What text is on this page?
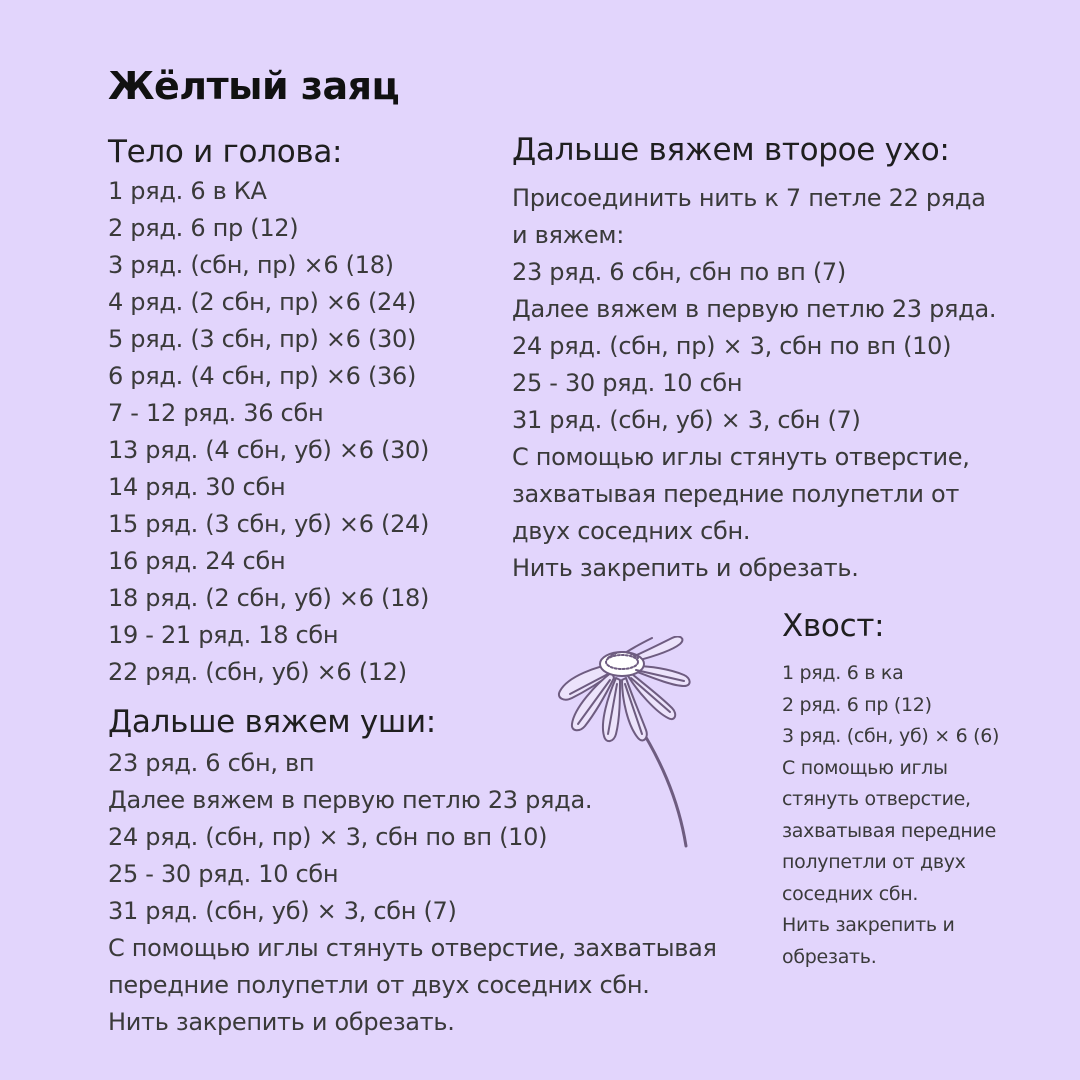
Жёлтый заяц
Тело и голова:
1 ряд. 6 в КА
2 ряд. 6 пр (12)
3 ряд. (сбн, пр) ×6 (18)
4 ряд. (2 сбн, пр) ×6 (24)
5 ряд. (3 сбн, пр) ×6 (30)
6 ряд. (4 сбн, пр) ×6 (36)
7 - 12 ряд. 36 сбн
13 ряд. (4 сбн, уб) ×6 (30)
14 ряд. 30 сбн
15 ряд. (3 сбн, уб) ×6 (24)
16 ряд. 24 сбн
18 ряд. (2 сбн, уб) ×6 (18)
19 - 21 ряд. 18 сбн
22 ряд. (сбн, уб) ×6 (12)
Дальше вяжем уши:
23 ряд. 6 сбн, вп
Далее вяжем в первую петлю 23 ряда.
24 ряд. (сбн, пр) × 3, сбн по вп (10)
25 - 30 ряд. 10 сбн
31 ряд. (сбн, уб) × 3, сбн (7)
С помощью иглы стянуть отверстие, захватывая
передние полупетли от двух соседних сбн.
Нить закрепить и обрезать.
Дальше вяжем второе ухо:
Присоединить нить к 7 петле 22 ряда
и вяжем:
23 ряд. 6 сбн, сбн по вп (7)
Далее вяжем в первую петлю 23 ряда.
24 ряд. (сбн, пр) × 3, сбн по вп (10)
25 - 30 ряд. 10 сбн
31 ряд. (сбн, уб) × 3, сбн (7)
С помощью иглы стянуть отверстие,
захватывая передние полупетли от
двух соседних сбн.
Нить закрепить и обрезать.
Хвост:
1 ряд. 6 в ка
2 ряд. 6 пр (12)
3 ряд. (сбн, уб) × 6 (6)
С помощью иглы
стянуть отверстие,
захватывая передние
полупетли от двух
соседних сбн.
Нить закрепить и
обрезать.
